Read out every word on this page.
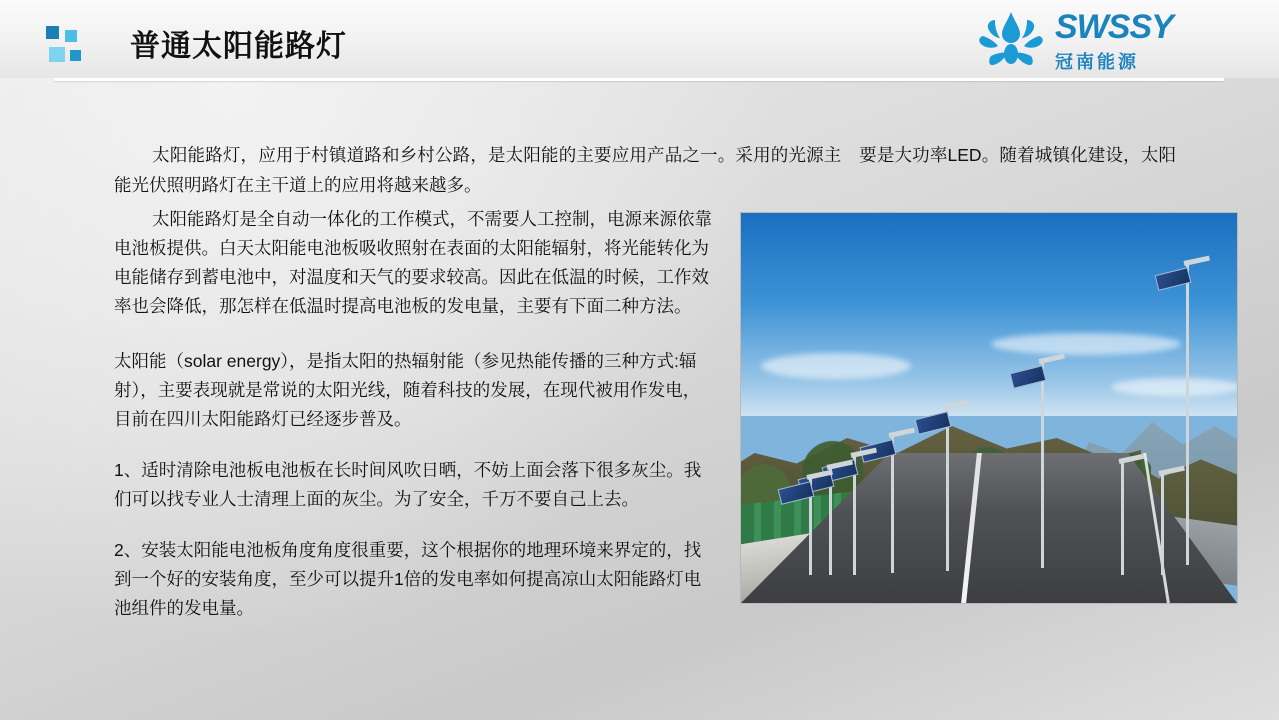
普通太阳能路灯
SWSSY
冠南能源
太阳能路灯，应用于村镇道路和乡村公路，是太阳能的主要应用产品之一。采用的光源主　要是大功率LED。随着城镇化建设，太阳能光伏照明路灯在主干道上的应用将越来越多。

太阳能路灯是全自动一体化的工作模式，不需要人工控制，电源来源依靠电池板提供。白天太阳能电池板吸收照射在表面的太阳能辐射，将光能转化为电能储存到蓄电池中，对温度和天气的要求较高。因此在低温的时候，工作效率也会降低，那怎样在低温时提高电池板的发电量，主要有下面二种方法。

太阳能（solar energy），是指太阳的热辐射能（参见热能传播的三种方式:辐射），主要表现就是常说的太阳光线，随着科技的发展，在现代被用作发电，目前在四川太阳能路灯已经逐步普及。

1、适时清除电池板电池板在长时间风吹日晒，不妨上面会落下很多灰尘。我们可以找专业人士清理上面的灰尘。为了安全，千万不要自己上去。

2、安装太阳能电池板角度角度很重要，这个根据你的地理环境来界定的，找到一个好的安装角度，至少可以提升1倍的发电率如何提高凉山太阳能路灯电池组件的发电量。
